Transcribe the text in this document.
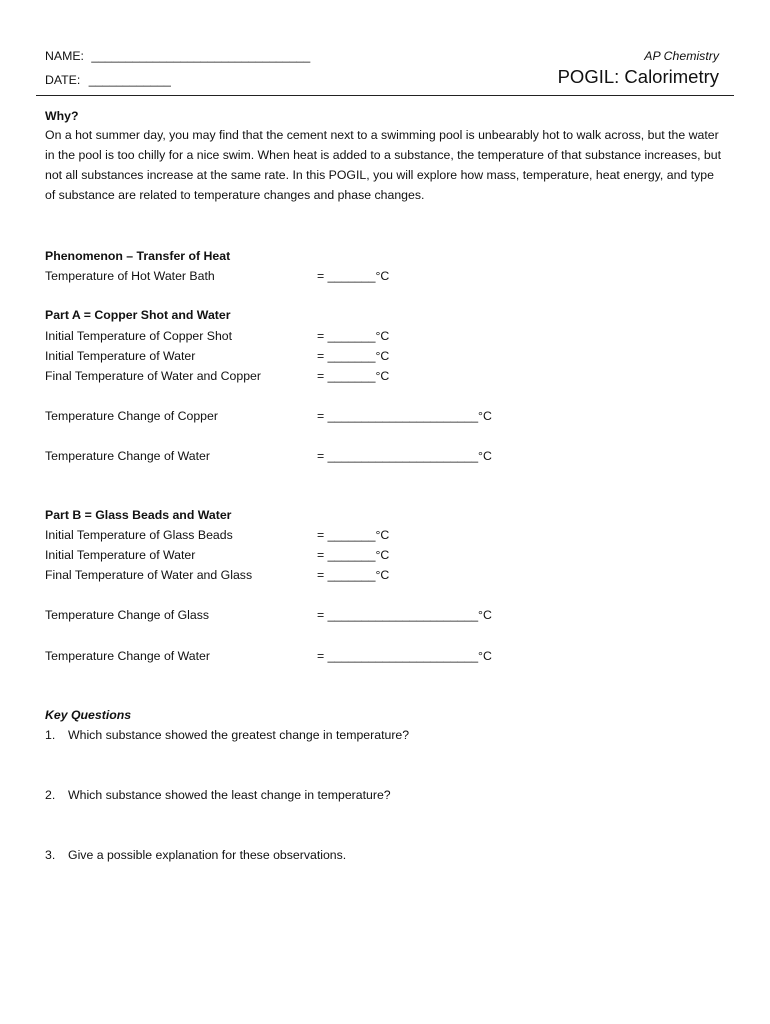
NAME: ________________________________
DATE: ____________
AP Chemistry
POGIL: Calorimetry
Why?
On a hot summer day, you may find that the cement next to a swimming pool is unbearably hot to walk across, but the water in the pool is too chilly for a nice swim. When heat is added to a substance, the temperature of that substance increases, but not all substances increase at the same rate. In this POGIL, you will explore how mass, temperature, heat energy, and type of substance are related to temperature changes and phase changes.
Phenomenon – Transfer of Heat
Temperature of Hot Water Bath	= _______°C
Part A = Copper Shot and Water
Initial Temperature of Copper Shot	= _______°C
Initial Temperature of Water	= _______°C
Final Temperature of Water and Copper	= _______°C
Temperature Change of Copper	= ______________________°C
Temperature Change of Water	= ______________________°C
Part B = Glass Beads and Water
Initial Temperature of Glass Beads	= _______°C
Initial Temperature of Water	= _______°C
Final Temperature of Water and Glass	= _______°C
Temperature Change of Glass	= ______________________°C
Temperature Change of Water	= ______________________°C
Key Questions
1. Which substance showed the greatest change in temperature?
2. Which substance showed the least change in temperature?
3. Give a possible explanation for these observations.
